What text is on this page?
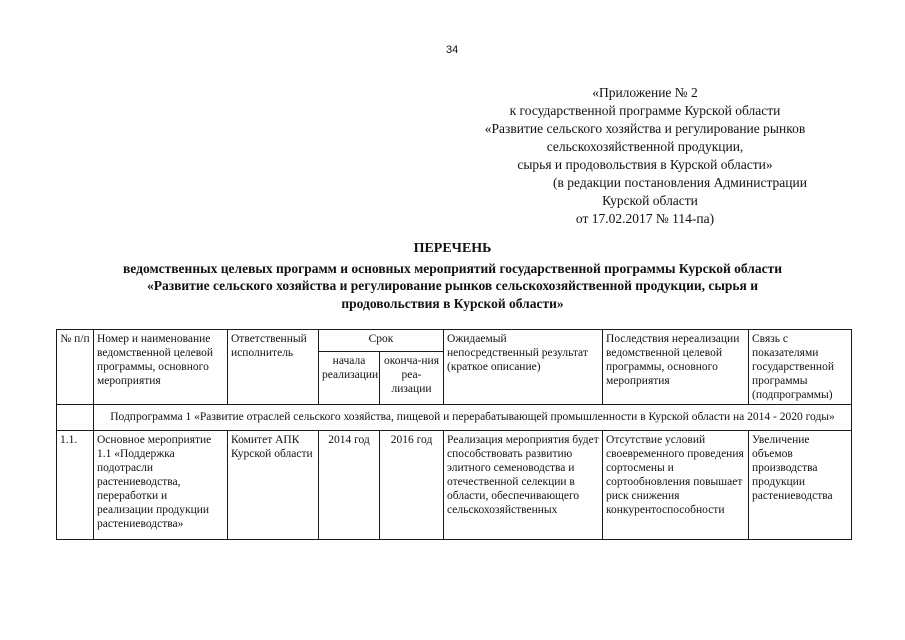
34
«Приложение № 2
к государственной программе Курской области
«Развитие сельского хозяйства и регулирование рынков
сельскохозяйственной продукции,
сырья и продовольствия в Курской области»
(в редакции постановления Администрации
Курской области
от 17.02.2017 № 114-па)
ПЕРЕЧЕНЬ
ведомственных целевых программ и основных мероприятий государственной программы Курской области
«Развитие сельского хозяйства и регулирование рынков сельскохозяйственной продукции, сырья и
продовольствия в Курской области»
№ п/п	Номер и наименование ведомственной целевой программы, основного мероприятия	Ответственный исполнитель	Срок		Ожидаемый непосредственный результат (краткое описание)	Последствия нереализации ведомственной целевой программы, основного мероприятия	Связь с показателями государственной программы (подпрограммы)
			начала реализации	оконча-ния реа-лизации			
	Подпрограмма 1 «Развитие отраслей сельского хозяйства, пищевой и перерабатывающей промышленности в Курской области на 2014 - 2020 годы»						
1.1.	Основное мероприятие 1.1 «Поддержка подотрасли растениеводства, переработки и реализации продукции растениеводства»	Комитет АПК Курской области	2014 год	2016 год	Реализация мероприятия будет способствовать развитию элитного семеноводства и отечественной селекции в области, обеспечивающего сельскохозяйственных	Отсутствие условий своевременного проведения сортосмены и сортообновления повышает риск снижения конкурентоспособности	Увеличение объемов производства продукции растениеводства
